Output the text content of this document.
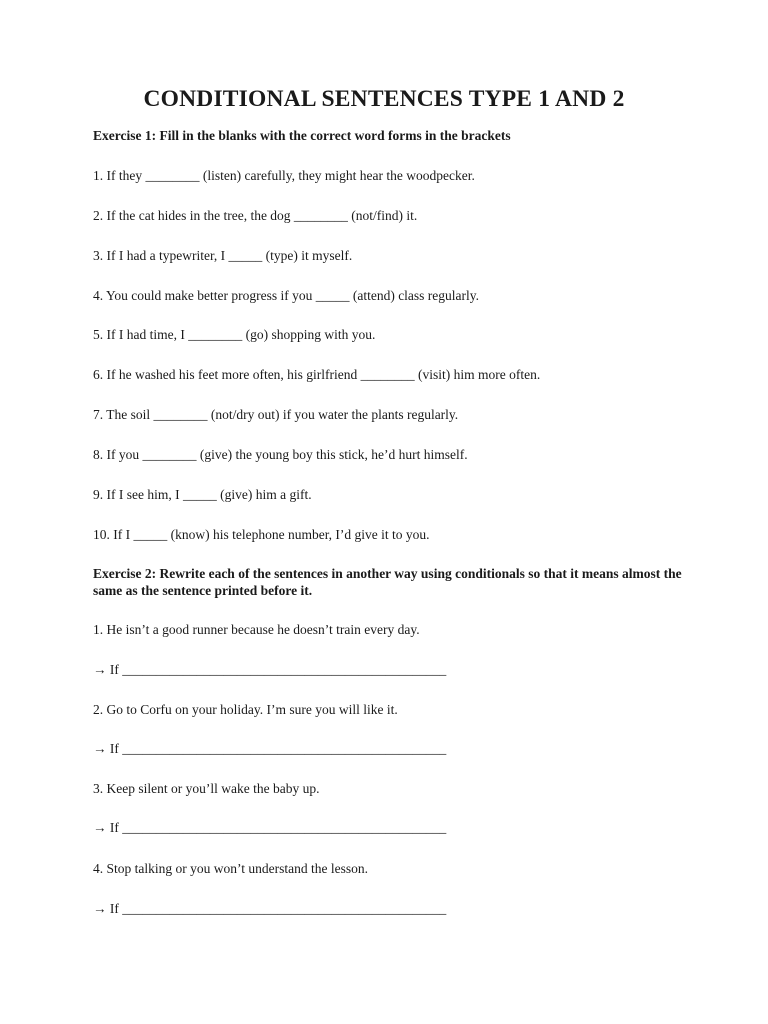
CONDITIONAL SENTENCES TYPE 1 AND 2

Exercise 1: Fill in the blanks with the correct word forms in the brackets

1. If they ________ (listen) carefully, they might hear the woodpecker.

2. If the cat hides in the tree, the dog ________ (not/find) it.

3. If I had a typewriter, I _____ (type) it myself.

4. You could make better progress if you _____ (attend) class regularly.

5. If I had time, I ________ (go) shopping with you.

6. If he washed his feet more often, his girlfriend ________ (visit) him more often.

7. The soil ________ (not/dry out) if you water the plants regularly.

8. If you ________ (give) the young boy this stick, he’d hurt himself.

9. If I see him, I _____ (give) him a gift.

10. If I _____ (know) his telephone number, I’d give it to you.

Exercise 2: Rewrite each of the sentences in another way using conditionals so that it means almost the same as the sentence printed before it.

1. He isn’t a good runner because he doesn’t train every day.

→ If ________________________________________________

2. Go to Corfu on your holiday. I’m sure you will like it.

→ If ________________________________________________

3. Keep silent or you’ll wake the baby up.

→ If ________________________________________________

4. Stop talking or you won’t understand the lesson.

→ If ________________________________________________
